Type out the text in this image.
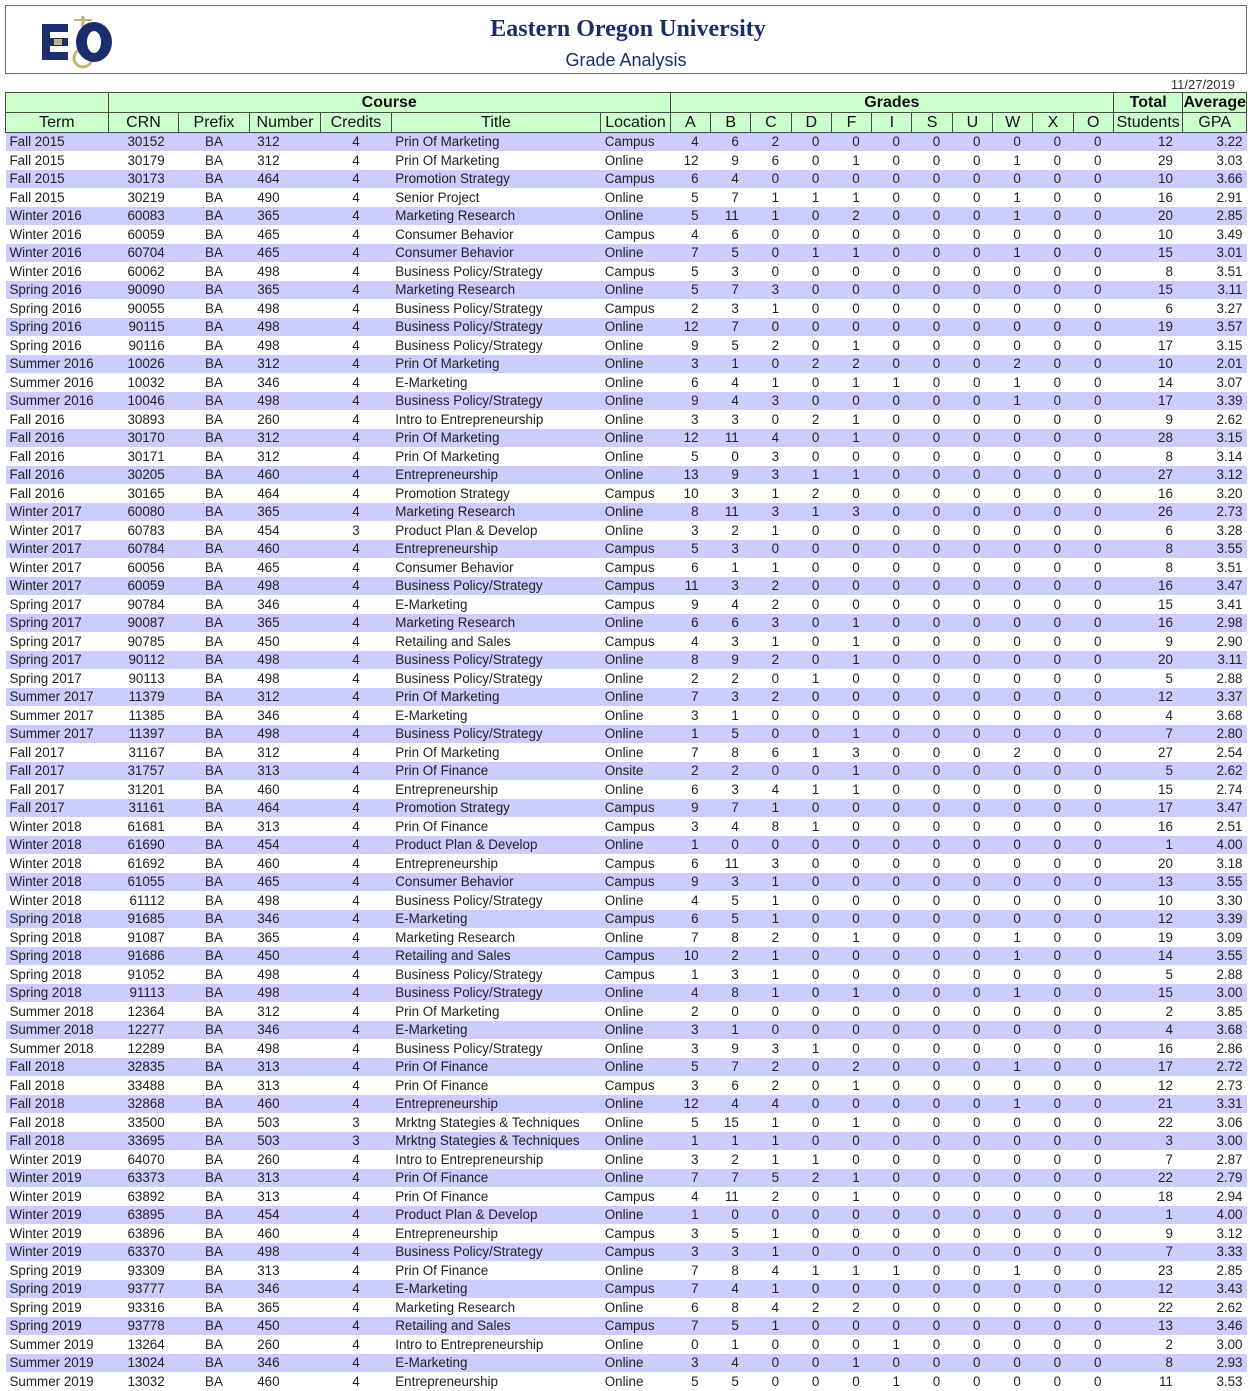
Eastern Oregon University
Grade Analysis
11/27/2019
	Course						Grades											Total	Average
Term	CRN	Prefix	Number	Credits	Title	Location	A	B	C	D	F	I	S	U	W	X	O	Students	GPA
Fall 2015	30152	BA	312	4	Prin Of Marketing	Campus	4	6	2	0	0	0	0	0	0	0	0	12	3.22
Fall 2015	30179	BA	312	4	Prin Of Marketing	Online	12	9	6	0	1	0	0	0	1	0	0	29	3.03
Fall 2015	30173	BA	464	4	Promotion Strategy	Campus	6	4	0	0	0	0	0	0	0	0	0	10	3.66
Fall 2015	30219	BA	490	4	Senior Project	Online	5	7	1	1	1	0	0	0	1	0	0	16	2.91
Winter 2016	60083	BA	365	4	Marketing Research	Online	5	11	1	0	2	0	0	0	1	0	0	20	2.85
Winter 2016	60059	BA	465	4	Consumer Behavior	Campus	4	6	0	0	0	0	0	0	0	0	0	10	3.49
Winter 2016	60704	BA	465	4	Consumer Behavior	Online	7	5	0	1	1	0	0	0	1	0	0	15	3.01
Winter 2016	60062	BA	498	4	Business Policy/Strategy	Campus	5	3	0	0	0	0	0	0	0	0	0	8	3.51
Spring 2016	90090	BA	365	4	Marketing Research	Online	5	7	3	0	0	0	0	0	0	0	0	15	3.11
Spring 2016	90055	BA	498	4	Business Policy/Strategy	Campus	2	3	1	0	0	0	0	0	0	0	0	6	3.27
Spring 2016	90115	BA	498	4	Business Policy/Strategy	Online	12	7	0	0	0	0	0	0	0	0	0	19	3.57
Spring 2016	90116	BA	498	4	Business Policy/Strategy	Online	9	5	2	0	1	0	0	0	0	0	0	17	3.15
Summer 2016	10026	BA	312	4	Prin Of Marketing	Online	3	1	0	2	2	0	0	0	2	0	0	10	2.01
Summer 2016	10032	BA	346	4	E-Marketing	Online	6	4	1	0	1	1	0	0	1	0	0	14	3.07
Summer 2016	10046	BA	498	4	Business Policy/Strategy	Online	9	4	3	0	0	0	0	0	1	0	0	17	3.39
Fall 2016	30893	BA	260	4	Intro to Entrepreneurship	Online	3	3	0	2	1	0	0	0	0	0	0	9	2.62
Fall 2016	30170	BA	312	4	Prin Of Marketing	Online	12	11	4	0	1	0	0	0	0	0	0	28	3.15
Fall 2016	30171	BA	312	4	Prin Of Marketing	Online	5	0	3	0	0	0	0	0	0	0	0	8	3.14
Fall 2016	30205	BA	460	4	Entrepreneurship	Online	13	9	3	1	1	0	0	0	0	0	0	27	3.12
Fall 2016	30165	BA	464	4	Promotion Strategy	Campus	10	3	1	2	0	0	0	0	0	0	0	16	3.20
Winter 2017	60080	BA	365	4	Marketing Research	Online	8	11	3	1	3	0	0	0	0	0	0	26	2.73
Winter 2017	60783	BA	454	3	Product Plan & Develop	Online	3	2	1	0	0	0	0	0	0	0	0	6	3.28
Winter 2017	60784	BA	460	4	Entrepreneurship	Campus	5	3	0	0	0	0	0	0	0	0	0	8	3.55
Winter 2017	60056	BA	465	4	Consumer Behavior	Campus	6	1	1	0	0	0	0	0	0	0	0	8	3.51
Winter 2017	60059	BA	498	4	Business Policy/Strategy	Campus	11	3	2	0	0	0	0	0	0	0	0	16	3.47
Spring 2017	90784	BA	346	4	E-Marketing	Campus	9	4	2	0	0	0	0	0	0	0	0	15	3.41
Spring 2017	90087	BA	365	4	Marketing Research	Online	6	6	3	0	1	0	0	0	0	0	0	16	2.98
Spring 2017	90785	BA	450	4	Retailing and Sales	Campus	4	3	1	0	1	0	0	0	0	0	0	9	2.90
Spring 2017	90112	BA	498	4	Business Policy/Strategy	Online	8	9	2	0	1	0	0	0	0	0	0	20	3.11
Spring 2017	90113	BA	498	4	Business Policy/Strategy	Online	2	2	0	1	0	0	0	0	0	0	0	5	2.88
Summer 2017	11379	BA	312	4	Prin Of Marketing	Online	7	3	2	0	0	0	0	0	0	0	0	12	3.37
Summer 2017	11385	BA	346	4	E-Marketing	Online	3	1	0	0	0	0	0	0	0	0	0	4	3.68
Summer 2017	11397	BA	498	4	Business Policy/Strategy	Online	1	5	0	0	1	0	0	0	0	0	0	7	2.80
Fall 2017	31167	BA	312	4	Prin Of Marketing	Online	7	8	6	1	3	0	0	0	2	0	0	27	2.54
Fall 2017	31757	BA	313	4	Prin Of Finance	Onsite	2	2	0	0	1	0	0	0	0	0	0	5	2.62
Fall 2017	31201	BA	460	4	Entrepreneurship	Online	6	3	4	1	1	0	0	0	0	0	0	15	2.74
Fall 2017	31161	BA	464	4	Promotion Strategy	Campus	9	7	1	0	0	0	0	0	0	0	0	17	3.47
Winter 2018	61681	BA	313	4	Prin Of Finance	Campus	3	4	8	1	0	0	0	0	0	0	0	16	2.51
Winter 2018	61690	BA	454	4	Product Plan & Develop	Online	1	0	0	0	0	0	0	0	0	0	0	1	4.00
Winter 2018	61692	BA	460	4	Entrepreneurship	Campus	6	11	3	0	0	0	0	0	0	0	0	20	3.18
Winter 2018	61055	BA	465	4	Consumer Behavior	Campus	9	3	1	0	0	0	0	0	0	0	0	13	3.55
Winter 2018	61112	BA	498	4	Business Policy/Strategy	Online	4	5	1	0	0	0	0	0	0	0	0	10	3.30
Spring 2018	91685	BA	346	4	E-Marketing	Campus	6	5	1	0	0	0	0	0	0	0	0	12	3.39
Spring 2018	91087	BA	365	4	Marketing Research	Online	7	8	2	0	1	0	0	0	1	0	0	19	3.09
Spring 2018	91686	BA	450	4	Retailing and Sales	Campus	10	2	1	0	0	0	0	0	1	0	0	14	3.55
Spring 2018	91052	BA	498	4	Business Policy/Strategy	Campus	1	3	1	0	0	0	0	0	0	0	0	5	2.88
Spring 2018	91113	BA	498	4	Business Policy/Strategy	Online	4	8	1	0	1	0	0	0	1	0	0	15	3.00
Summer 2018	12364	BA	312	4	Prin Of Marketing	Online	2	0	0	0	0	0	0	0	0	0	0	2	3.85
Summer 2018	12277	BA	346	4	E-Marketing	Online	3	1	0	0	0	0	0	0	0	0	0	4	3.68
Summer 2018	12289	BA	498	4	Business Policy/Strategy	Online	3	9	3	1	0	0	0	0	0	0	0	16	2.86
Fall 2018	32835	BA	313	4	Prin Of Finance	Online	5	7	2	0	2	0	0	0	1	0	0	17	2.72
Fall 2018	33488	BA	313	4	Prin Of Finance	Campus	3	6	2	0	1	0	0	0	0	0	0	12	2.73
Fall 2018	32868	BA	460	4	Entrepreneurship	Online	12	4	4	0	0	0	0	0	1	0	0	21	3.31
Fall 2018	33500	BA	503	3	Mrktng Stategies & Techniques	Online	5	15	1	0	1	0	0	0	0	0	0	22	3.06
Fall 2018	33695	BA	503	3	Mrktng Stategies & Techniques	Online	1	1	1	0	0	0	0	0	0	0	0	3	3.00
Winter 2019	64070	BA	260	4	Intro to Entrepreneurship	Online	3	2	1	1	0	0	0	0	0	0	0	7	2.87
Winter 2019	63373	BA	313	4	Prin Of Finance	Online	7	7	5	2	1	0	0	0	0	0	0	22	2.79
Winter 2019	63892	BA	313	4	Prin Of Finance	Campus	4	11	2	0	1	0	0	0	0	0	0	18	2.94
Winter 2019	63895	BA	454	4	Product Plan & Develop	Online	1	0	0	0	0	0	0	0	0	0	0	1	4.00
Winter 2019	63896	BA	460	4	Entrepreneurship	Campus	3	5	1	0	0	0	0	0	0	0	0	9	3.12
Winter 2019	63370	BA	498	4	Business Policy/Strategy	Campus	3	3	1	0	0	0	0	0	0	0	0	7	3.33
Spring 2019	93309	BA	313	4	Prin Of Finance	Online	7	8	4	1	1	1	0	0	1	0	0	23	2.85
Spring 2019	93777	BA	346	4	E-Marketing	Campus	7	4	1	0	0	0	0	0	0	0	0	12	3.43
Spring 2019	93316	BA	365	4	Marketing Research	Online	6	8	4	2	2	0	0	0	0	0	0	22	2.62
Spring 2019	93778	BA	450	4	Retailing and Sales	Campus	7	5	1	0	0	0	0	0	0	0	0	13	3.46
Summer 2019	13264	BA	260	4	Intro to Entrepreneurship	Online	0	1	0	0	0	1	0	0	0	0	0	2	3.00
Summer 2019	13024	BA	346	4	E-Marketing	Online	3	4	0	0	1	0	0	0	0	0	0	8	2.93
Summer 2019	13032	BA	460	4	Entrepreneurship	Online	5	5	0	0	0	1	0	0	0	0	0	11	3.53
